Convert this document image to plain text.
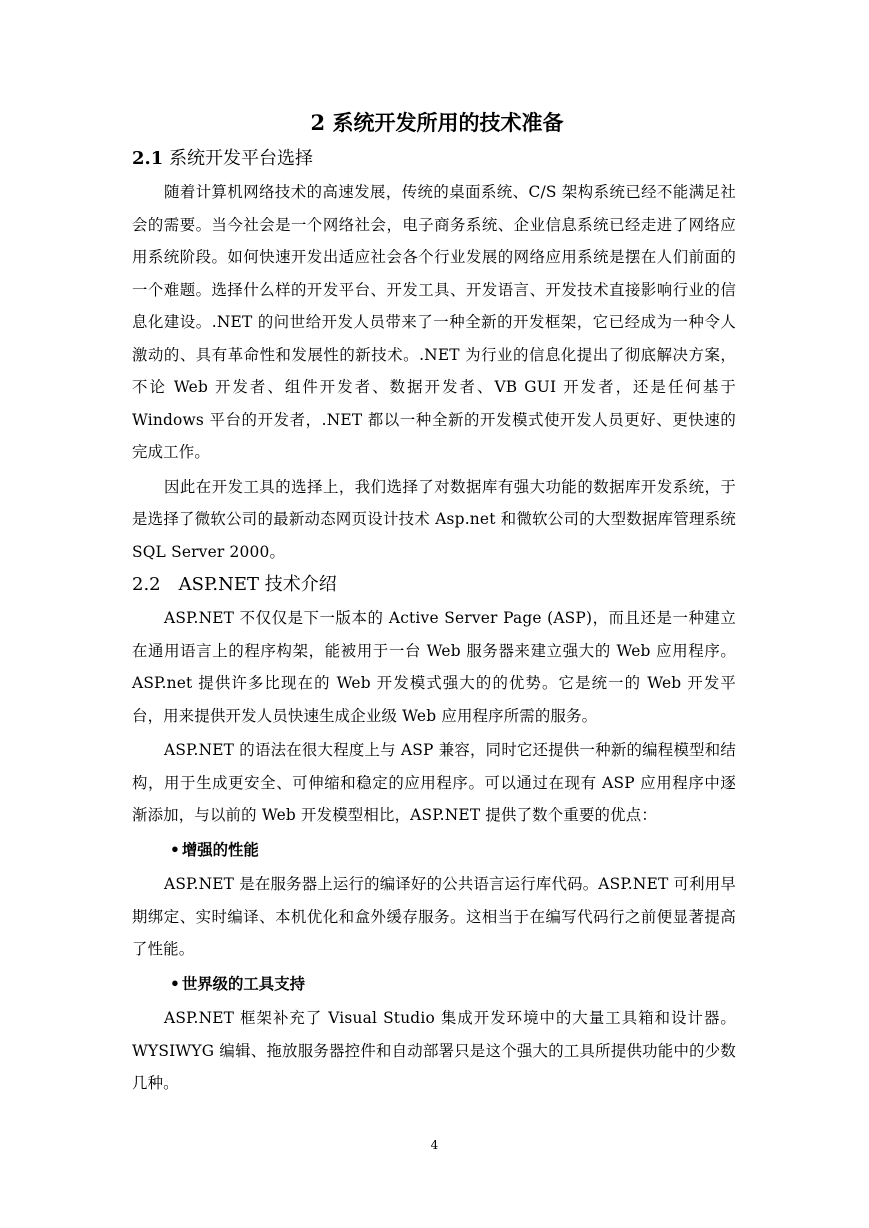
2 系统开发所用的技术准备
2.1 系统开发平台选择

随着计算机网络技术的高速发展，传统的桌面系统、C/S 架构系统已经不能满足社会的需要。当今社会是一个网络社会，电子商务系统、企业信息系统已经走进了网络应用系统阶段。如何快速开发出适应社会各个行业发展的网络应用系统是摆在人们前面的一个难题。选择什么样的开发平台、开发工具、开发语言、开发技术直接影响行业的信息化建设。.NET 的问世给开发人员带来了一种全新的开发框架，它已经成为一种令人激动的、具有革命性和发展性的新技术。.NET 为行业的信息化提出了彻底解决方案，不论 Web 开发者、组件开发者、数据开发者、VB GUI 开发者，还是任何基于 Windows 平台的开发者，.NET 都以一种全新的开发模式使开发人员更好、更快速的完成工作。

因此在开发工具的选择上，我们选择了对数据库有强大功能的数据库开发系统，于是选择了微软公司的最新动态网页设计技术 Asp.net 和微软公司的大型数据库管理系统 SQL Server 2000。

2.2 ASP.NET 技术介绍

ASP.NET 不仅仅是下一版本的 Active Server Page (ASP)，而且还是一种建立在通用语言上的程序构架，能被用于一台 Web 服务器来建立强大的 Web 应用程序。ASP.net 提供许多比现在的 Web 开发模式强大的的优势。它是统一的 Web 开发平台，用来提供开发人员快速生成企业级 Web 应用程序所需的服务。

ASP.NET 的语法在很大程度上与 ASP 兼容，同时它还提供一种新的编程模型和结构，用于生成更安全、可伸缩和稳定的应用程序。可以通过在现有 ASP 应用程序中逐渐添加，与以前的 Web 开发模型相比，ASP.NET 提供了数个重要的优点：

• 增强的性能

ASP.NET 是在服务器上运行的编译好的公共语言运行库代码。ASP.NET 可利用早期绑定、实时编译、本机优化和盒外缓存服务。这相当于在编写代码行之前便显著提高了性能。

• 世界级的工具支持

ASP.NET 框架补充了 Visual Studio 集成开发环境中的大量工具箱和设计器。WYSIWYG 编辑、拖放服务器控件和自动部署只是这个强大的工具所提供功能中的少数几种。

4
